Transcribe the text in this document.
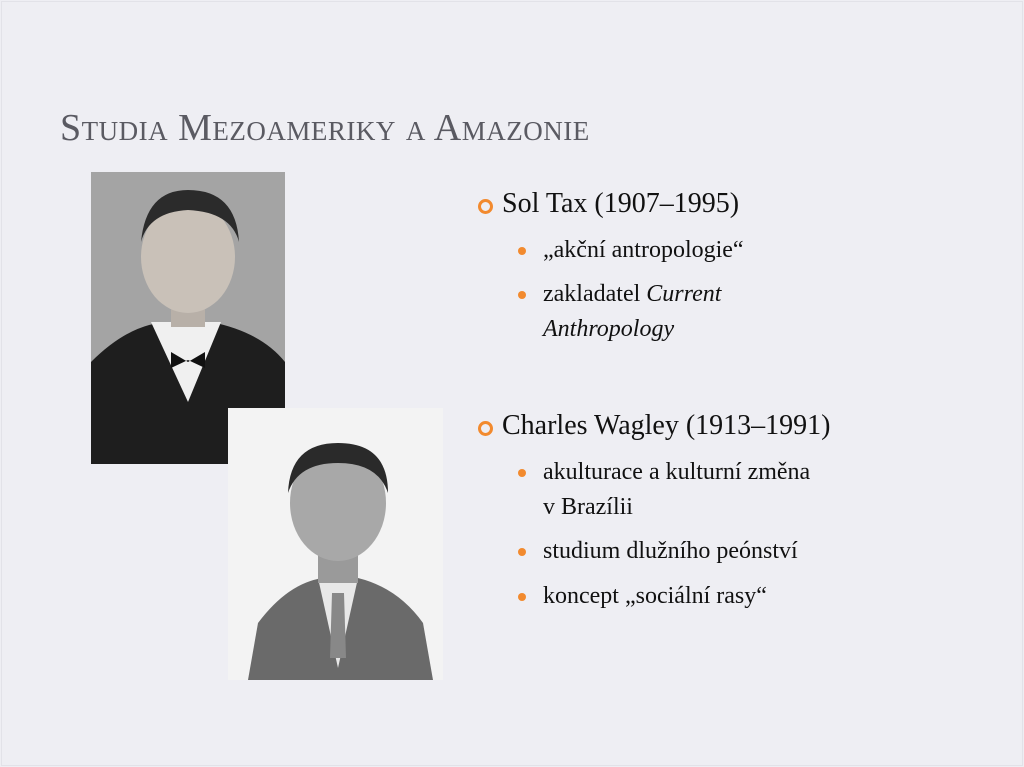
Studia Mezoameriky a Amazonie
Sol Tax (1907–1995)
„akční antropologie“
zakladatel Current
Anthropology
Charles Wagley (1913–1991)
akulturace a kulturní změna
v Brazílii
studium dlužního peónství
koncept „sociální rasy“
